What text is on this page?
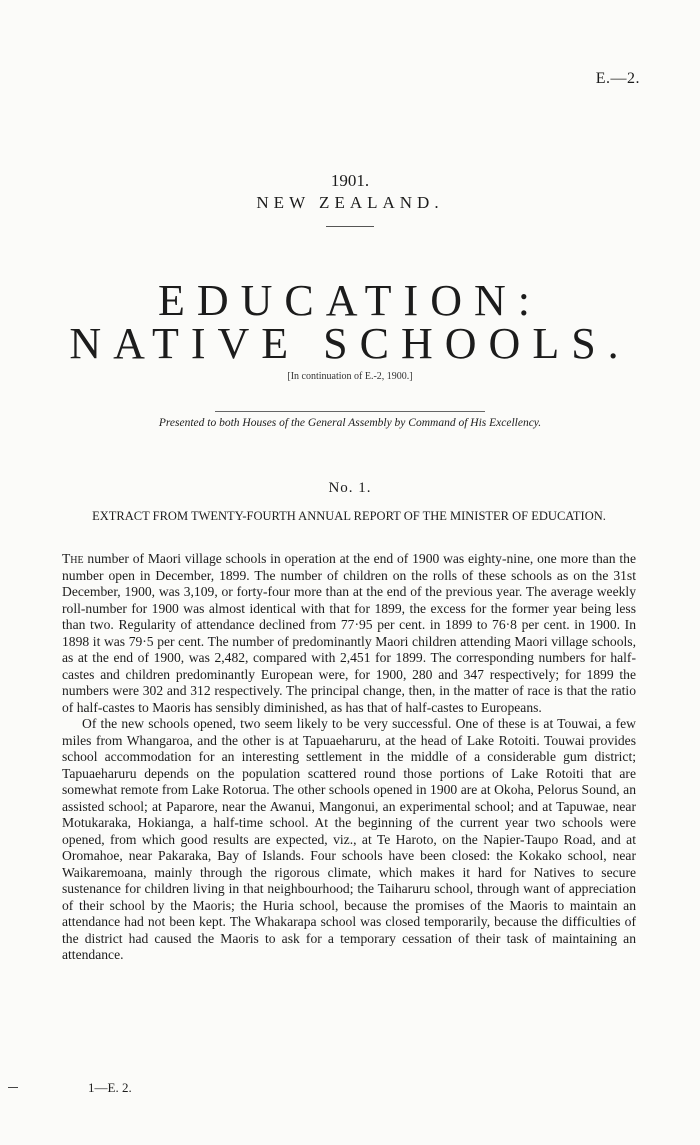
E.—2.
1901.
NEW ZEALAND.
EDUCATION:
NATIVE SCHOOLS.
[In continuation of E.-2, 1900.]
Presented to both Houses of the General Assembly by Command of His Excellency.
No. 1.
EXTRACT FROM TWENTY-FOURTH ANNUAL REPORT OF THE MINISTER OF EDUCATION.

The number of Maori village schools in operation at the end of 1900 was eighty-nine, one more than the number open in December, 1899. The number of children on the rolls of these schools as on the 31st December, 1900, was 3,109, or forty-four more than at the end of the previous year. The average weekly roll-number for 1900 was almost identical with that for 1899, the excess for the former year being less than two. Regularity of attendance declined from 77·95 per cent. in 1899 to 76·8 per cent. in 1900. In 1898 it was 79·5 per cent. The number of predominantly Maori children attending Maori village schools, as at the end of 1900, was 2,482, compared with 2,451 for 1899. The corresponding numbers for half-castes and children predominantly European were, for 1900, 280 and 347 respectively; for 1899 the numbers were 302 and 312 respectively. The principal change, then, in the matter of race is that the ratio of half-castes to Maoris has sensibly diminished, as has that of half-castes to Europeans.

Of the new schools opened, two seem likely to be very successful. One of these is at Touwai, a few miles from Whangaroa, and the other is at Tapuaeharuru, at the head of Lake Rotoiti. Touwai provides school accommodation for an interesting settlement in the middle of a considerable gum district; Tapuaeharuru depends on the population scattered round those portions of Lake Rotoiti that are somewhat remote from Lake Rotorua. The other schools opened in 1900 are at Okoha, Pelorus Sound, an assisted school; at Paparore, near the Awanui, Mangonui, an experimental school; and at Tapuwae, near Motukaraka, Hokianga, a half-time school. At the beginning of the current year two schools were opened, from which good results are expected, viz., at Te Haroto, on the Napier-Taupo Road, and at Oromahoe, near Pakaraka, Bay of Islands. Four schools have been closed: the Kokako school, near Waikaremoana, mainly through the rigorous climate, which makes it hard for Natives to secure sustenance for children living in that neighbourhood; the Taiharuru school, through want of appreciation of their school by the Maoris; the Huria school, because the promises of the Maoris to maintain an attendance had not been kept. The Whakarapa school was closed temporarily, because the difficulties of the district had caused the Maoris to ask for a temporary cessation of their task of maintaining an attendance.

1—E. 2.
